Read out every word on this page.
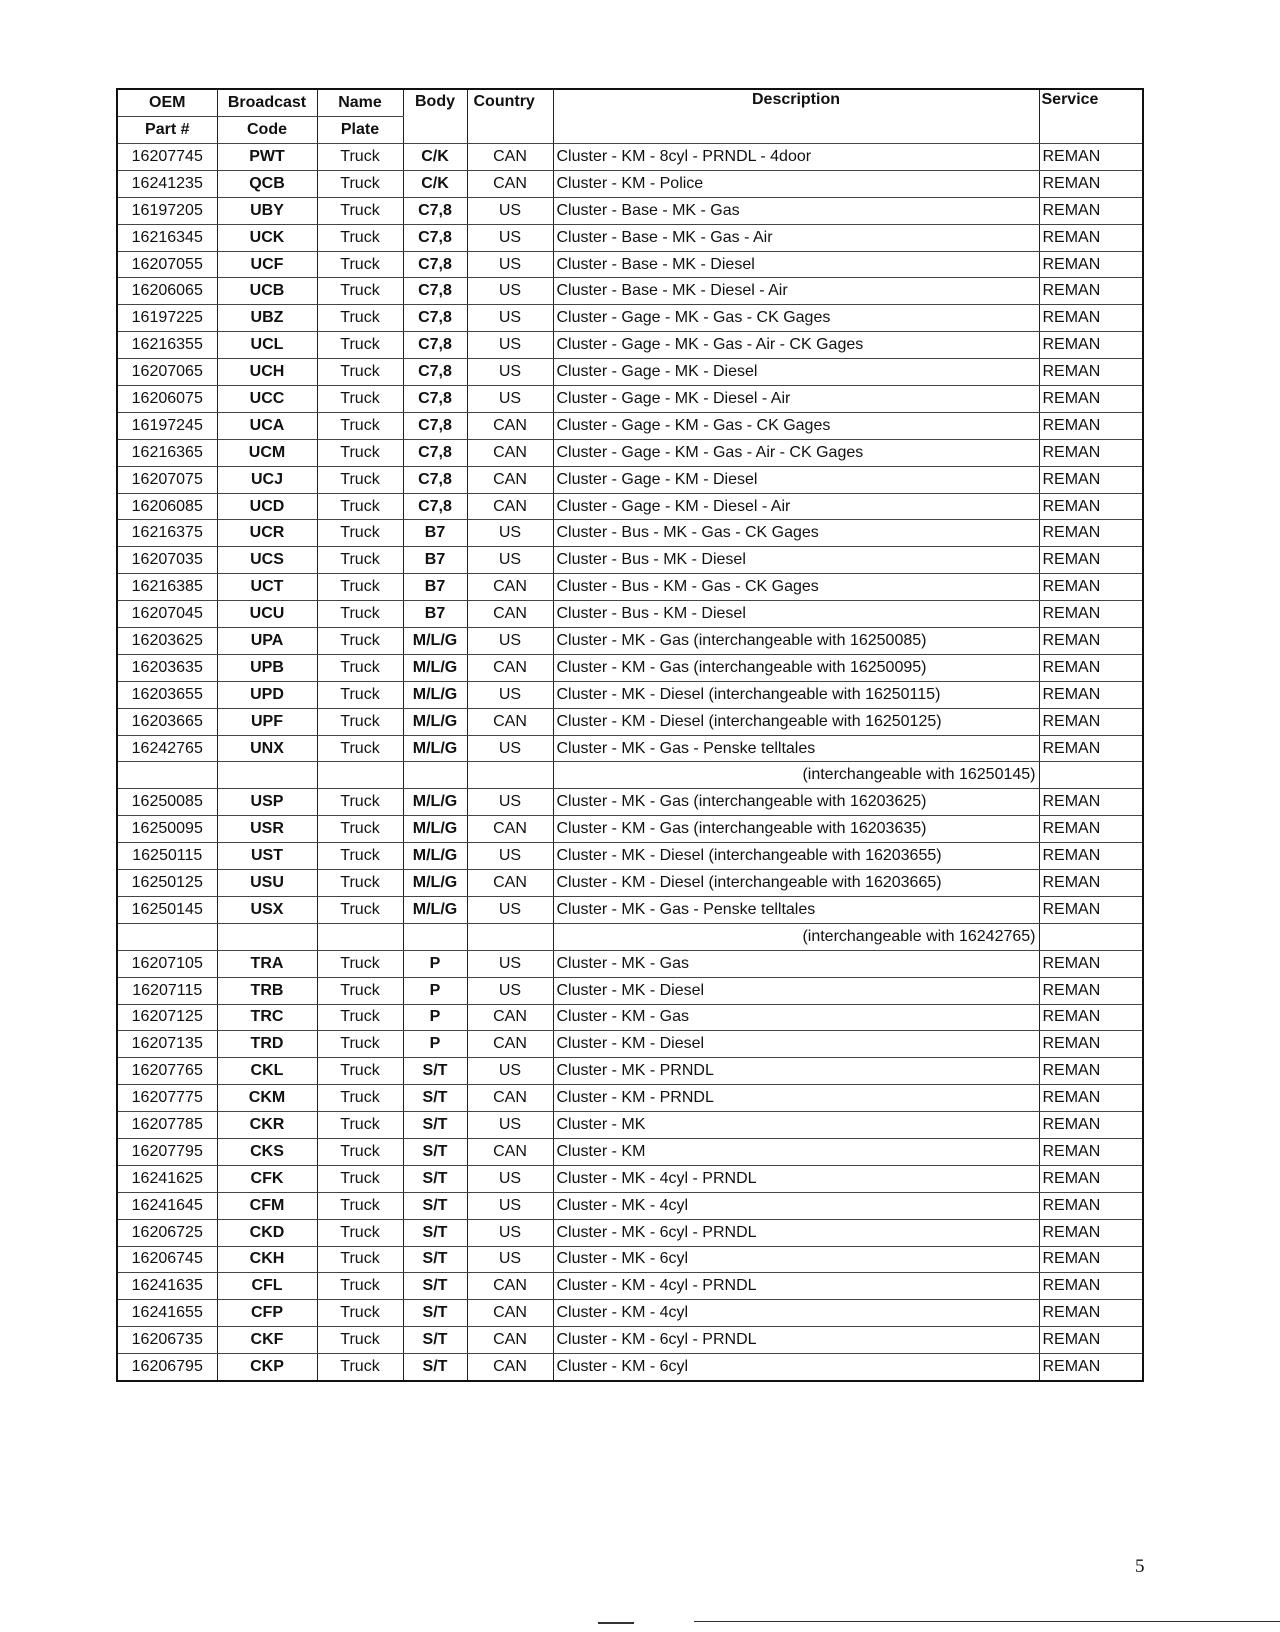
OEM	Broadcast	Name	Body	Country	Description	Service
Part #	Code	Plate				
16207745	PWT	Truck	C/K	CAN	Cluster - KM - 8cyl - PRNDL - 4door	REMAN
16241235	QCB	Truck	C/K	CAN	Cluster - KM - Police	REMAN
16197205	UBY	Truck	C7,8	US	Cluster - Base - MK - Gas	REMAN
16216345	UCK	Truck	C7,8	US	Cluster - Base - MK - Gas - Air	REMAN
16207055	UCF	Truck	C7,8	US	Cluster - Base - MK - Diesel	REMAN
16206065	UCB	Truck	C7,8	US	Cluster - Base - MK - Diesel - Air	REMAN
16197225	UBZ	Truck	C7,8	US	Cluster - Gage - MK - Gas - CK Gages	REMAN
16216355	UCL	Truck	C7,8	US	Cluster - Gage - MK - Gas - Air - CK Gages	REMAN
16207065	UCH	Truck	C7,8	US	Cluster - Gage - MK - Diesel	REMAN
16206075	UCC	Truck	C7,8	US	Cluster - Gage - MK - Diesel - Air	REMAN
16197245	UCA	Truck	C7,8	CAN	Cluster - Gage - KM - Gas - CK Gages	REMAN
16216365	UCM	Truck	C7,8	CAN	Cluster - Gage - KM - Gas - Air - CK Gages	REMAN
16207075	UCJ	Truck	C7,8	CAN	Cluster - Gage - KM - Diesel	REMAN
16206085	UCD	Truck	C7,8	CAN	Cluster - Gage - KM - Diesel - Air	REMAN
16216375	UCR	Truck	B7	US	Cluster - Bus - MK - Gas - CK Gages	REMAN
16207035	UCS	Truck	B7	US	Cluster - Bus - MK - Diesel	REMAN
16216385	UCT	Truck	B7	CAN	Cluster - Bus - KM - Gas - CK Gages	REMAN
16207045	UCU	Truck	B7	CAN	Cluster - Bus - KM - Diesel	REMAN
16203625	UPA	Truck	M/L/G	US	Cluster - MK - Gas (interchangeable with 16250085)	REMAN
16203635	UPB	Truck	M/L/G	CAN	Cluster - KM - Gas (interchangeable with 16250095)	REMAN
16203655	UPD	Truck	M/L/G	US	Cluster - MK - Diesel (interchangeable with 16250115)	REMAN
16203665	UPF	Truck	M/L/G	CAN	Cluster - KM - Diesel (interchangeable with 16250125)	REMAN
16242765	UNX	Truck	M/L/G	US	Cluster - MK - Gas - Penske telltales	REMAN
					(interchangeable with 16250145)	
16250085	USP	Truck	M/L/G	US	Cluster - MK - Gas (interchangeable with 16203625)	REMAN
16250095	USR	Truck	M/L/G	CAN	Cluster - KM - Gas (interchangeable with 16203635)	REMAN
16250115	UST	Truck	M/L/G	US	Cluster - MK - Diesel (interchangeable with 16203655)	REMAN
16250125	USU	Truck	M/L/G	CAN	Cluster - KM - Diesel (interchangeable with 16203665)	REMAN
16250145	USX	Truck	M/L/G	US	Cluster - MK - Gas - Penske telltales	REMAN
					(interchangeable with 16242765)	
16207105	TRA	Truck	P	US	Cluster - MK - Gas	REMAN
16207115	TRB	Truck	P	US	Cluster - MK - Diesel	REMAN
16207125	TRC	Truck	P	CAN	Cluster - KM - Gas	REMAN
16207135	TRD	Truck	P	CAN	Cluster - KM - Diesel	REMAN
16207765	CKL	Truck	S/T	US	Cluster - MK - PRNDL	REMAN
16207775	CKM	Truck	S/T	CAN	Cluster - KM - PRNDL	REMAN
16207785	CKR	Truck	S/T	US	Cluster - MK	REMAN
16207795	CKS	Truck	S/T	CAN	Cluster - KM	REMAN
16241625	CFK	Truck	S/T	US	Cluster - MK - 4cyl - PRNDL	REMAN
16241645	CFM	Truck	S/T	US	Cluster - MK - 4cyl	REMAN
16206725	CKD	Truck	S/T	US	Cluster - MK - 6cyl - PRNDL	REMAN
16206745	CKH	Truck	S/T	US	Cluster - MK - 6cyl	REMAN
16241635	CFL	Truck	S/T	CAN	Cluster - KM - 4cyl - PRNDL	REMAN
16241655	CFP	Truck	S/T	CAN	Cluster - KM - 4cyl	REMAN
16206735	CKF	Truck	S/T	CAN	Cluster - KM - 6cyl - PRNDL	REMAN
16206795	CKP	Truck	S/T	CAN	Cluster - KM - 6cyl	REMAN
5
